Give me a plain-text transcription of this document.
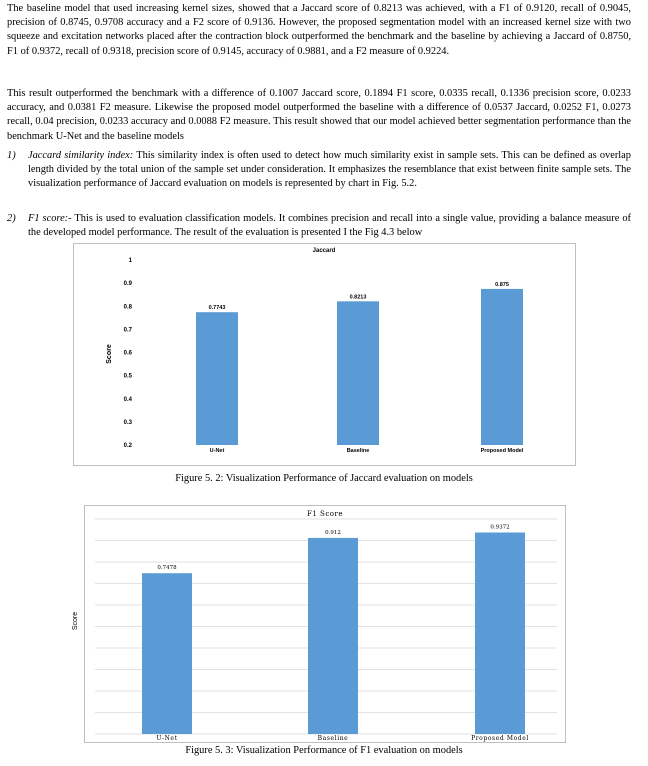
The baseline model that used increasing kernel sizes, showed that a Jaccard score of 0.8213 was achieved, with a F1 of 0.9120, recall of 0.9045, precision of 0.8745, 0.9708 accuracy and a F2 score of 0.9136. However, the proposed segmentation model with an increased kernel size with two squeeze and excitation networks placed after the contraction block outperformed the benchmark and the baseline by achieving a Jaccard of 0.8750, F1 of 0.9372, recall of 0.9318, precision score of 0.9145, accuracy of 0.9881, and a F2 measure of 0.9224.

This result outperformed the benchmark with a difference of 0.1007 Jaccard score, 0.1894 F1 score, 0.0335 recall, 0.1336 precision score, 0.0233 accuracy, and 0.0381 F2 measure. Likewise the proposed model outperformed the baseline with a difference of 0.0537 Jaccard, 0.0252 F1, 0.0273 recall, 0.04 precision, 0.0233 accuracy and 0.0088 F2 measure. This result showed that our model achieved better segmentation performance than the benchmark U-Net and the baseline models

1) Jaccard similarity index: This similarity index is often used to detect how much similarity exist in sample sets. This can be defined as overlap length divided by the total union of the sample set under consideration. It emphasizes the resemblance that exist between finite sample sets. The visualization performance of Jaccard evaluation on models is represented by chart in Fig. 5.2.
2) F1 score:- This is used to evaluation classification models. It combines precision and recall into a single value, providing a balance measure of the developed model performance. The result of the evaluation is presented I the Fig 4.3 below
Jaccard
Score
0.2
0.3
0.4
0.5
0.6
0.7
0.8
0.9
1
0.7743
0.8213
0.875
U-Net	Baseline	Proposed Model
Figure 5. 2: Visualization Performance of Jaccard evaluation on models
F1 Score
Score
0.7478
0.912
0.9372
U-Net	Baseline	Proposed Model
Figure 5. 3: Visualization Performance of F1 evaluation on models
